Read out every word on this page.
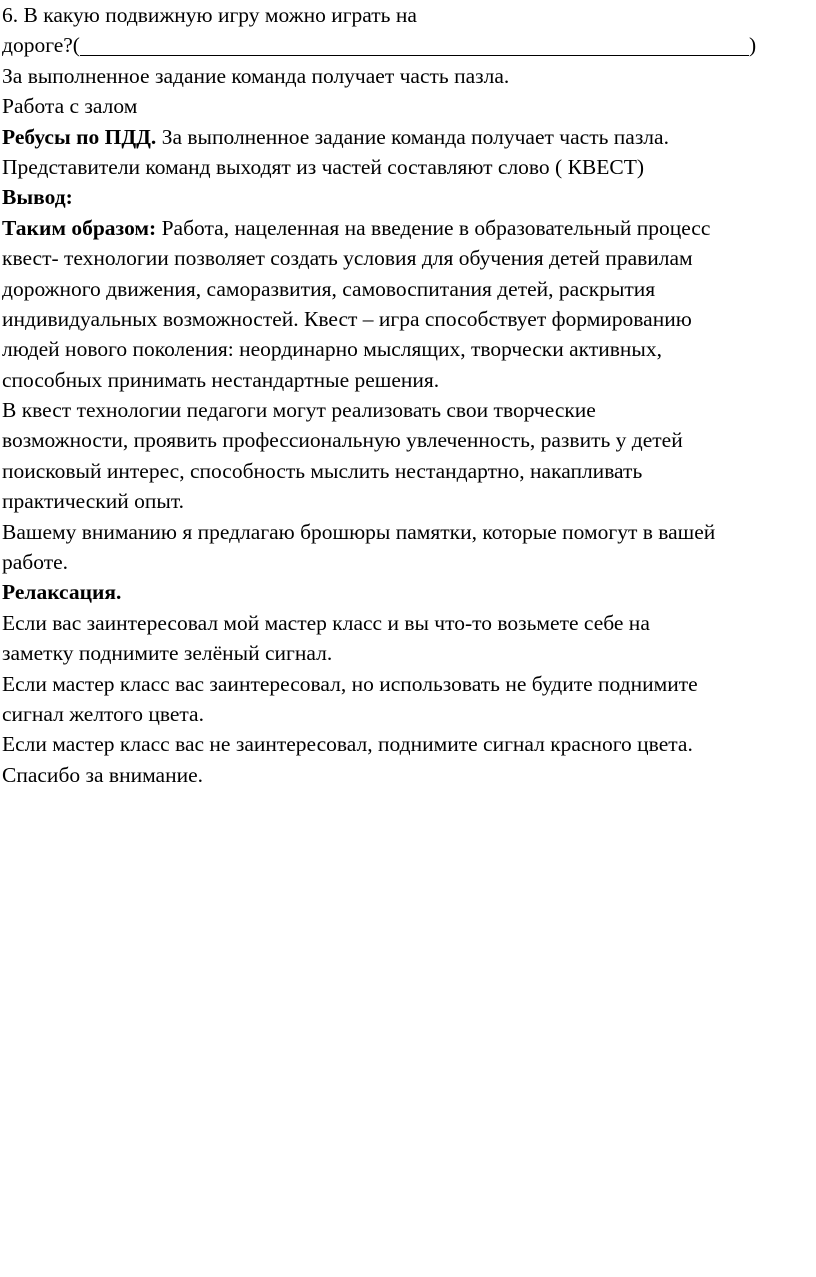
6. В какую подвижную игру можно играть на
дороге?(	)
За выполненное задание команда получает часть пазла.
Работа с залом
Ребусы по ПДД. За выполненное задание команда получает часть пазла.
Представители команд выходят из частей составляют слово ( КВЕСТ)
Вывод:
Таким образом: Работа, нацеленная на введение в образовательный процесс
квест- технологии позволяет создать условия для обучения детей правилам
дорожного движения, саморазвития, самовоспитания детей, раскрытия
индивидуальных возможностей. Квест – игра способствует формированию
людей нового поколения: неординарно мыслящих, творчески активных,
способных принимать нестандартные решения.
В квест технологии педагоги могут реализовать свои творческие
возможности, проявить профессиональную увлеченность, развить у детей
поисковый интерес, способность мыслить нестандартно, накапливать
практический опыт.
Вашему вниманию я предлагаю брошюры памятки, которые помогут в вашей
работе.
Релаксация.
Если вас заинтересовал мой мастер класс и вы что-то возьмете себе на
заметку поднимите зелёный сигнал.
Если мастер класс вас заинтересовал, но использовать не будите поднимите
сигнал желтого цвета.
Если мастер класс вас не заинтересовал, поднимите сигнал красного цвета.
Спасибо за внимание.
